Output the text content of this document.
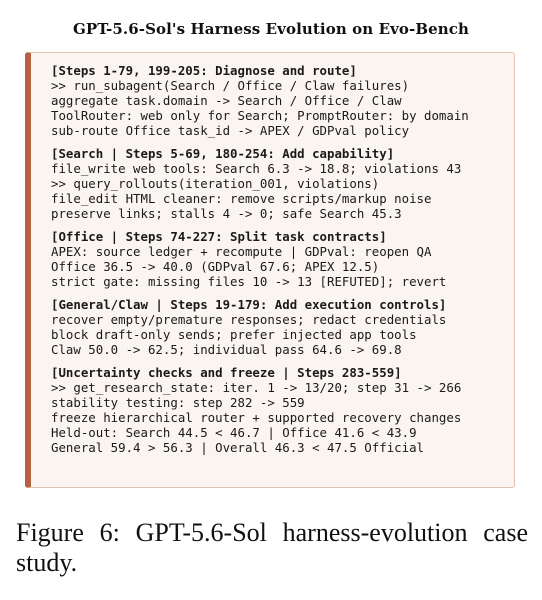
GPT-5.6-Sol's Harness Evolution on Evo-Bench
[Steps 1-79, 199-205: Diagnose and route]
>> run_subagent(Search / Office / Claw failures)
aggregate task.domain -> Search / Office / Claw
ToolRouter: web only for Search; PromptRouter: by domain
sub-route Office task_id -> APEX / GDPval policy
[Search | Steps 5-69, 180-254: Add capability]
file_write web tools: Search 6.3 -> 18.8; violations 43
>> query_rollouts(iteration_001, violations)
file_edit HTML cleaner: remove scripts/markup noise
preserve links; stalls 4 -> 0; safe Search 45.3
[Office | Steps 74-227: Split task contracts]
APEX: source ledger + recompute | GDPval: reopen QA
Office 36.5 -> 40.0 (GDPval 67.6; APEX 12.5)
strict gate: missing files 10 -> 13 [REFUTED]; revert
[General/Claw | Steps 19-179: Add execution controls]
recover empty/premature responses; redact credentials
block draft-only sends; prefer injected app tools
Claw 50.0 -> 62.5; individual pass 64.6 -> 69.8
[Uncertainty checks and freeze | Steps 283-559]
>> get_research_state: iter. 1 -> 13/20; step 31 -> 266
stability testing: step 282 -> 559
freeze hierarchical router + supported recovery changes
Held-out: Search 44.5 < 46.7 | Office 41.6 < 43.9
General 59.4 > 56.3 | Overall 46.3 < 47.5 Official
Figure 6: GPT-5.6-Sol harness-evolution case study.
